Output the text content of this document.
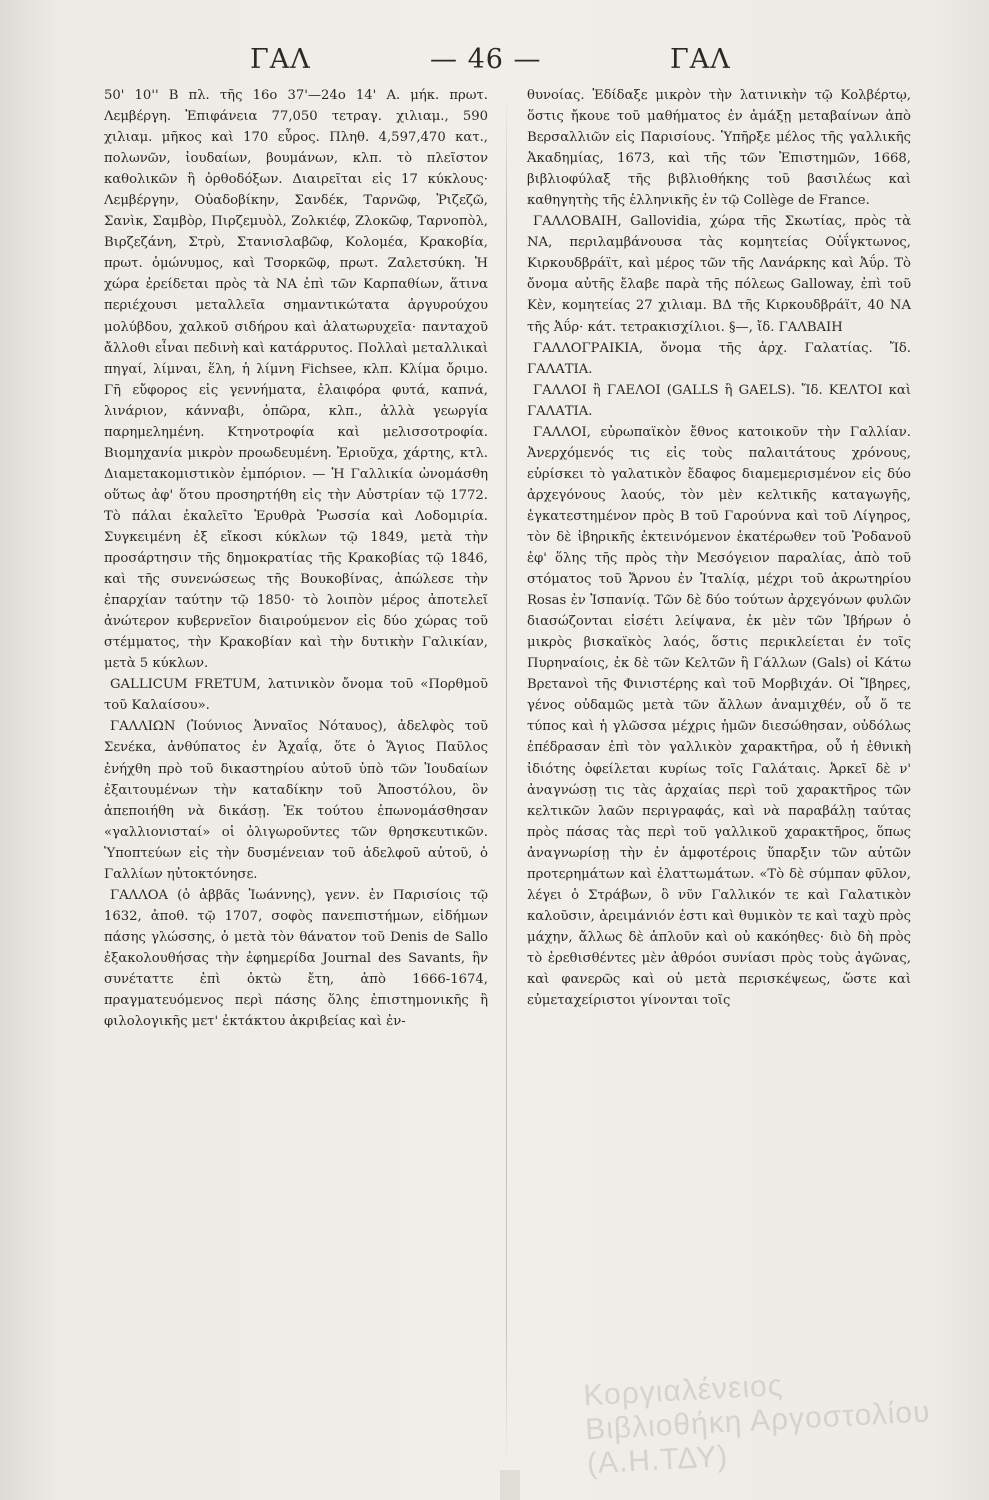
ΓΑΛ	— 46 —	ΓΑΛ

50' 10'' Β πλ. τῆς 16ο 37'—24ο 14' Α. μήκ. πρωτ. Λεμβέργη. Ἐπιφάνεια 77,050 τετραγ. χιλιαμ., 590 χιλιαμ. μῆκος καὶ 170 εὖρος. Πληθ. 4,597,470 κατ., πολωνῶν, ἰουδαίων, βουμάνων, κλπ. τὸ πλεῖστον καθολικῶν ἢ ὀρθοδόξων. Διαιρεῖται εἰς 17 κύκλους· Λεμβέργην, Οὐαδοβίκην, Σανδέκ, Ταρνῶφ, Ῥιζεζῶ, Σανὶκ, Σαμβὸρ, Πιρζεμυὸλ, Ζολκιέφ, Ζλοκῶφ, Ταρνοπὸλ, Βιρζεζάνη, Στρὺ, Στανισλαβῶφ, Κολομέα, Κρακοβία, πρωτ. ὁμώνυμος, καὶ Τσορκῶφ, πρωτ. Ζαλετσύκη. Ἡ χώρα ἐρείδεται πρὸς τὰ ΝΑ ἐπὶ τῶν Καρπαθίων, ἅτινα περιέχουσι μεταλλεῖα σημαντικώτατα ἀργυρούχου μολύβδου, χαλκοῦ σιδήρου καὶ ἁλατωρυχεῖα· πανταχοῦ ἄλλοθι εἶναι πεδινὴ καὶ κατάρρυτος. Πολλαὶ μεταλλικαὶ πηγαί, λίμναι, ἕλη, ἡ λίμνη Fichsee, κλπ. Κλίμα ὄριμο. Γῆ εὔφορος εἰς γεννήματα, ἐλαιφόρα φυτά, καπνά, λινάριον, κάνναβι, ὀπῶρα, κλπ., ἀλλὰ γεωργία παρημελημένη. Κτηνοτροφία καὶ μελισσοτροφία. Βιομηχανία μικρὸν προωδευμένη. Ἐριοῦχα, χάρτης, κτλ. Διαμετακομιστικὸν ἐμπόριον. — Ἡ Γαλλικία ὠνομάσθη οὕτως ἀφ' ὅτου προσηρτήθη εἰς τὴν Αὐστρίαν τῷ 1772. Τὸ πάλαι ἐκαλεῖτο Ἐρυθρὰ Ῥωσσία καὶ Λοδομιρία. Συγκειμένη ἐξ εἴκοσι κύκλων τῷ 1849, μετὰ τὴν προσάρτησιν τῆς δημοκρατίας τῆς Κρακοβίας τῷ 1846, καὶ τῆς συνενώσεως τῆς Βουκοβίνας, ἀπώλεσε τὴν ἐπαρχίαν ταύτην τῷ 1850· τὸ λοιπὸν μέρος ἀποτελεῖ ἀνώτερον κυβερνεῖον διαιρούμενον εἰς δύο χώρας τοῦ στέμματος, τὴν Κρακοβίαν καὶ τὴν δυτικὴν Γαλικίαν, μετὰ 5 κύκλων.

GALLICUM FRETUM, λατινικὸν ὄνομα τοῦ «Πορθμοῦ τοῦ Καλαίσου».

ΓΑΛΛΙΩΝ (Ἰούνιος Ἀνναῖος Νόταυος), ἀδελφὸς τοῦ Σενέκα, ἀνθύπατος ἐν Ἀχαΐᾳ, ὅτε ὁ Ἅγιος Παῦλος ἐνήχθη πρὸ τοῦ δικαστηρίου αὐτοῦ ὑπὸ τῶν Ἰουδαίων ἐξαιτουμένων τὴν καταδίκην τοῦ Ἀποστόλου, ὃν ἀπεποιήθη νὰ δικάσῃ. Ἐκ τούτου ἐπωνομάσθησαν «γαλλιονισταί» οἱ ὀλιγωροῦντες τῶν θρησκευτικῶν. Ὑποπτεύων εἰς τὴν δυσμένειαν τοῦ ἀδελφοῦ αὐτοῦ, ὁ Γαλλίων ηὐτοκτόνησε.

ΓΑΛΛΟΑ (ὁ ἀββᾶς Ἰωάννης), γενν. ἐν Παρισίοις τῷ 1632, ἀποθ. τῷ 1707, σοφὸς πανεπιστήμων, εἰδήμων πάσης γλώσσης, ὁ μετὰ τὸν θάνατον τοῦ Denis de Sallo ἐξακολουθήσας τὴν ἐφημερίδα Journal des Savants, ἣν συνέταττε ἐπὶ ὀκτὼ ἔτη, ἀπὸ 1666-1674, πραγματευόμενος περὶ πάσης ὅλης ἐπιστημονικῆς ἢ φιλολογικῆς μετ' ἐκτάκτου ἀκριβείας καὶ ἐν-

θυνοίας. Ἐδίδαξε μικρὸν τὴν λατινικὴν τῷ Κολβέρτῳ, ὅστις ἤκουε τοῦ μαθήματος ἐν ἁμάξῃ μεταβαίνων ἀπὸ Βερσαλλιῶν εἰς Παρισίους. Ὑπῆρξε μέλος τῆς γαλλικῆς Ἀκαδημίας, 1673, καὶ τῆς τῶν Ἐπιστημῶν, 1668, βιβλιοφύλαξ τῆς βιβλιοθήκης τοῦ βασιλέως καὶ καθηγητὴς τῆς ἑλληνικῆς ἐν τῷ Collège de France.

ΓΑΛΛΟΒΑΙΗ, Gallovidia, χώρα τῆς Σκωτίας, πρὸς τὰ ΝΑ, περιλαμβάνουσα τὰς κομητείας Οὐΐγκτωνος, Κιρκουδβράϊτ, καὶ μέρος τῶν τῆς Λανάρκης καὶ Ἀΰρ. Τὸ ὄνομα αὐτῆς ἔλαβε παρὰ τῆς πόλεως Galloway, ἐπὶ τοῦ Κὲν, κομητείας 27 χιλιαμ. ΒΔ τῆς Κιρκουδβράϊτ, 40 ΝΑ τῆς Ἀΰρ· κάτ. τετρακισχίλιοι. §—, ἴδ. ΓΑΛΒΑΙΗ

ΓΑΛΛΟΓΡΑΙΚΙΑ, ὄνομα τῆς ἀρχ. Γαλατίας. Ἴδ. ΓΑΛΑΤΙΑ.

ΓΑΛΛΟΙ ἢ ΓΑΕΛΟΙ (GALLS ἢ GAELS). Ἴδ. ΚΕΛΤΟΙ καὶ ΓΑΛΑΤΙΑ.

ΓΑΛΛΟΙ, εὐρωπαϊκὸν ἔθνος κατοικοῦν τὴν Γαλλίαν. Ἀνερχόμενός τις εἰς τοὺς παλαιτάτους χρόνους, εὑρίσκει τὸ γαλατικὸν ἔδαφος διαμεμερισμένον εἰς δύο ἀρχεγόνους λαούς, τὸν μὲν κελτικῆς καταγωγῆς, ἐγκατεστημένον πρὸς Β τοῦ Γαρούννα καὶ τοῦ Λίγηρος, τὸν δὲ ἰβηρικῆς ἐκτεινόμενον ἑκατέρωθεν τοῦ Ῥοδανοῦ ἐφ' ὅλης τῆς πρὸς τὴν Μεσόγειον παραλίας, ἀπὸ τοῦ στόματος τοῦ Ἄρνου ἐν Ἰταλίᾳ, μέχρι τοῦ ἀκρωτηρίου Rosas ἐν Ἱσπανίᾳ. Τῶν δὲ δύο τούτων ἀρχεγόνων φυλῶν διασώζονται εἰσέτι λείψανα, ἐκ μὲν τῶν Ἰβήρων ὁ μικρὸς βισκαϊκὸς λαός, ὅστις περικλείεται ἐν τοῖς Πυρηναίοις, ἐκ δὲ τῶν Κελτῶν ἢ Γάλλων (Gals) οἱ Κάτω Βρετανοὶ τῆς Φινιστέρης καὶ τοῦ Μορβιχάν. Οἱ Ἴβηρες, γένος οὐδαμῶς μετὰ τῶν ἄλλων ἀναμιχθέν, οὗ ὅ τε τύπος καὶ ἡ γλῶσσα μέχρις ἡμῶν διεσώθησαν, οὐδόλως ἐπέδρασαν ἐπὶ τὸν γαλλικὸν χαρακτῆρα, οὗ ἡ ἐθνικὴ ἰδιότης ὀφείλεται κυρίως τοῖς Γαλάταις. Ἀρκεῖ δὲ ν' ἀναγνώσῃ τις τὰς ἀρχαίας περὶ τοῦ χαρακτῆρος τῶν κελτικῶν λαῶν περιγραφάς, καὶ νὰ παραβάλῃ ταύτας πρὸς πάσας τὰς περὶ τοῦ γαλλικοῦ χαρακτῆρος, ὅπως ἀναγνωρίσῃ τὴν ἐν ἀμφοτέροις ὕπαρξιν τῶν αὐτῶν προτερημάτων καὶ ἐλαττωμάτων. «Τὸ δὲ σύμπαν φῦλον, λέγει ὁ Στράβων, ὃ νῦν Γαλλικόν τε καὶ Γαλατικὸν καλοῦσιν, ἀρειμάνιόν ἐστι καὶ θυμικὸν τε καὶ ταχὺ πρὸς μάχην, ἄλλως δὲ ἁπλοῦν καὶ οὐ κακόηθες· διὸ δὴ πρὸς τὸ ἐρεθισθέντες μὲν ἀθρόοι συνίασι πρὸς τοὺς ἀγῶνας, καὶ φανερῶς καὶ οὐ μετὰ περισκέψεως, ὥστε καὶ εὐμεταχείριστοι γίνονται τοῖς

Κοργιαλένειος Βιβλιοθήκη Αργοστολίου (Α.Η.ΤΔΥ)
